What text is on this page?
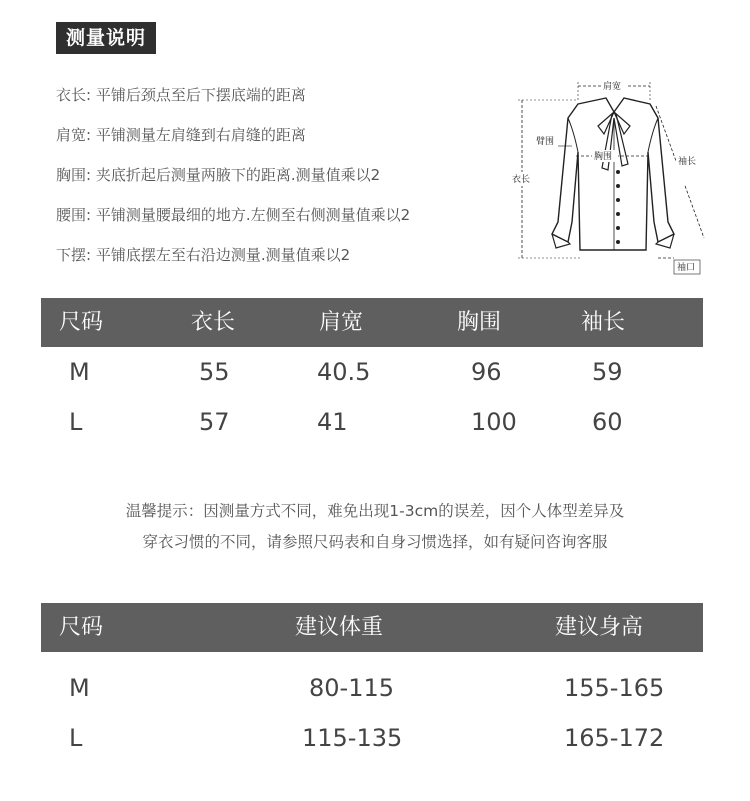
测量说明
衣长: 平铺后颈点至后下摆底端的距离
肩宽: 平铺测量左肩缝到右肩缝的距离
胸围: 夹底折起后测量两腋下的距离.测量值乘以2
腰围: 平铺测量腰最细的地方.左侧至右侧测量值乘以2
下摆: 平铺底摆左至右沿边测量.测量值乘以2
肩宽
胸围
臂围
衣长
袖长
袖口
尺码	衣长	肩宽	胸围	袖长
M	55	40.5	96	59
L	57	41	100	60
温馨提示：因测量方式不同，难免出现1-3cm的误差，因个人体型差异及
穿衣习惯的不同，请参照尺码表和自身习惯选择，如有疑问咨询客服
尺码	建议体重	建议身高
M	80-115	155-165
L	115-135	165-172
